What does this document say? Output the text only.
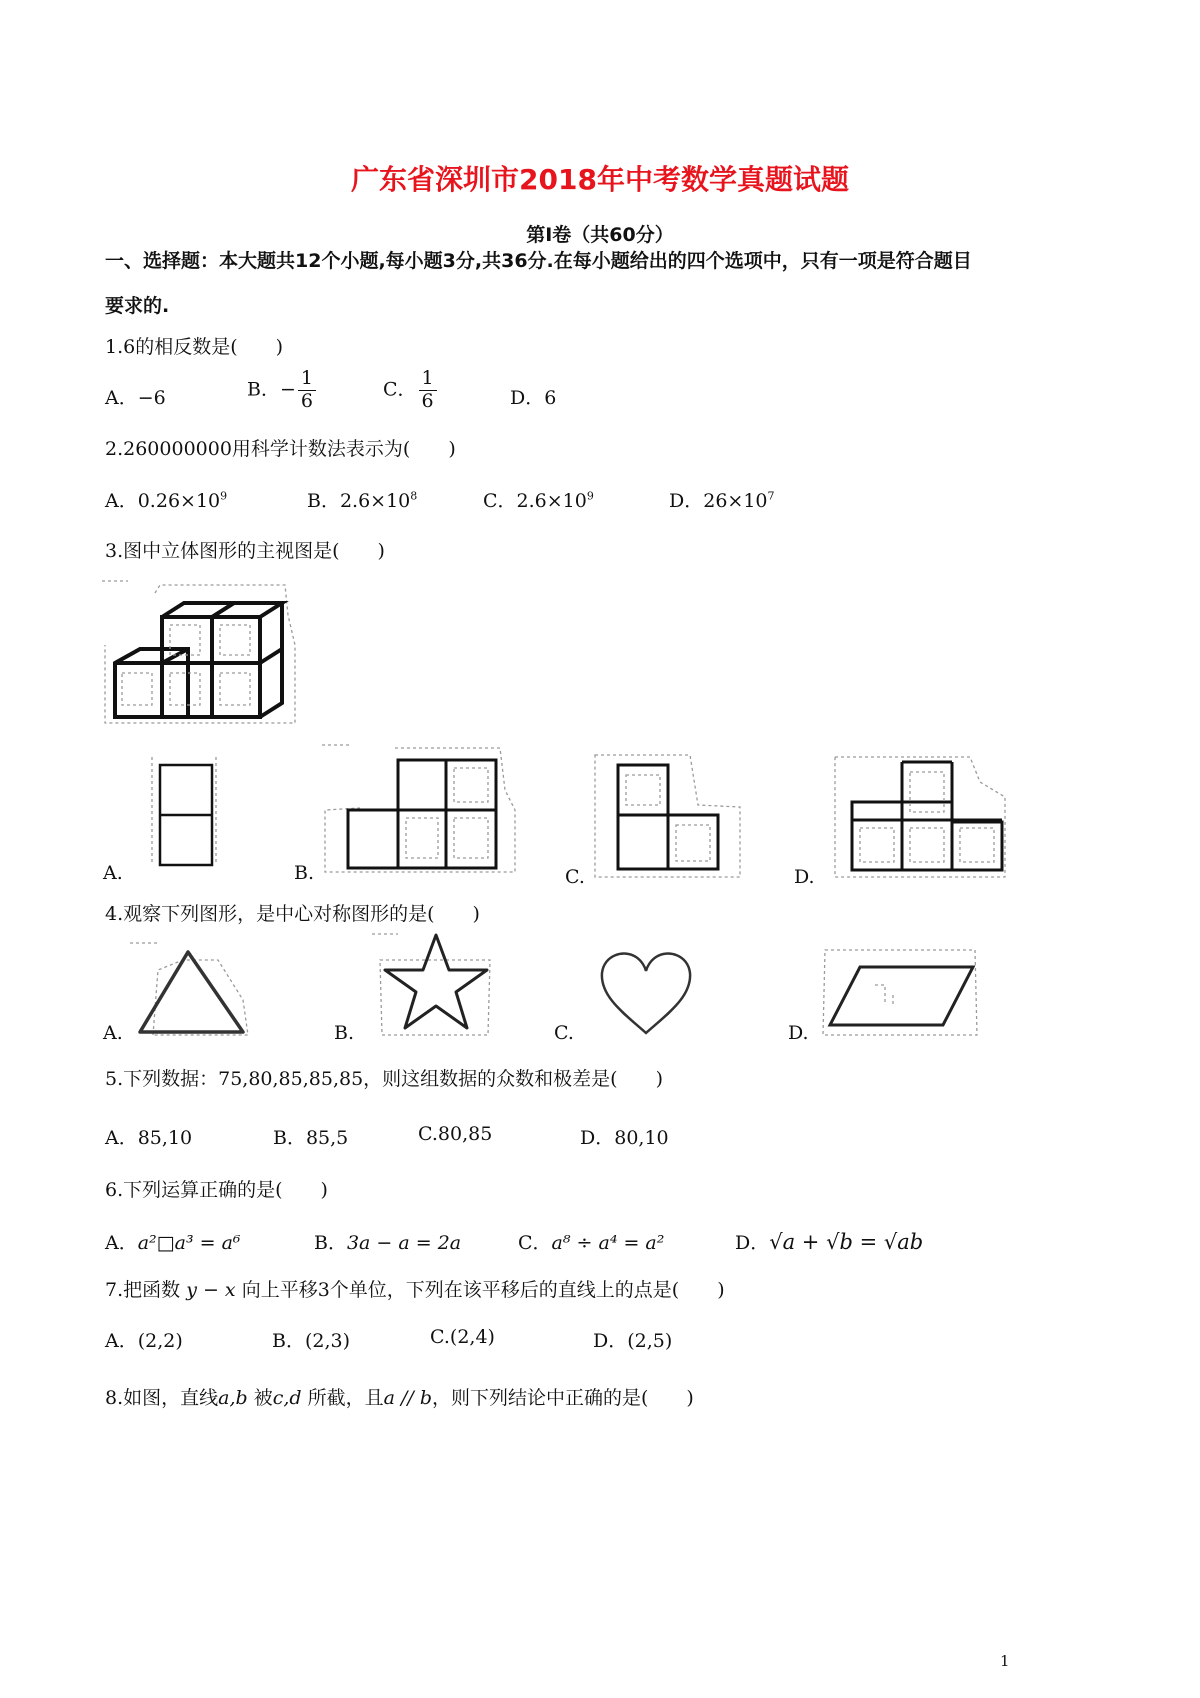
广东省深圳市2018年中考数学真题试题
第Ⅰ卷（共60分）
一、选择题：本大题共12个小题,每小题3分,共36分.在每小题给出的四个选项中，只有一项是符合题目
要求的.
1.6的相反数是(　　)
A．−6	B．− $\frac{1}{6}$	C． $\frac{1}{6}$	D．6
2.260000000用科学计数法表示为(　　)
A．$0.26\times 10^9$	B．$2.6\times 10^8$	C．$2.6\times 10^9$	D．$26\times 10^7$
3.图中立体图形的主视图是(　　)
A.	B.	C.	D.
4.观察下列图形，是中心对称图形的是(　　)
A.	B.	C.	D.
5.下列数据：75,80,85,85,85，则这组数据的众数和极差是(　　)
A．85,10	B．85,5	C.80,85	D．80,10
6.下列运算正确的是(　　)
A．a²□a³ = a⁶	B．3a − a = 2a	C．a⁸ ÷ a⁴ = a²	D．√a + √b = √ab
7.把函数 y − x 向上平移3个单位，下列在该平移后的直线上的点是(　　)
A．(2,2)	B．(2,3)	C.(2,4)	D．(2,5)
8.如图，直线a,b 被c,d 所截，且a // b，则下列结论中正确的是(　　)
1
